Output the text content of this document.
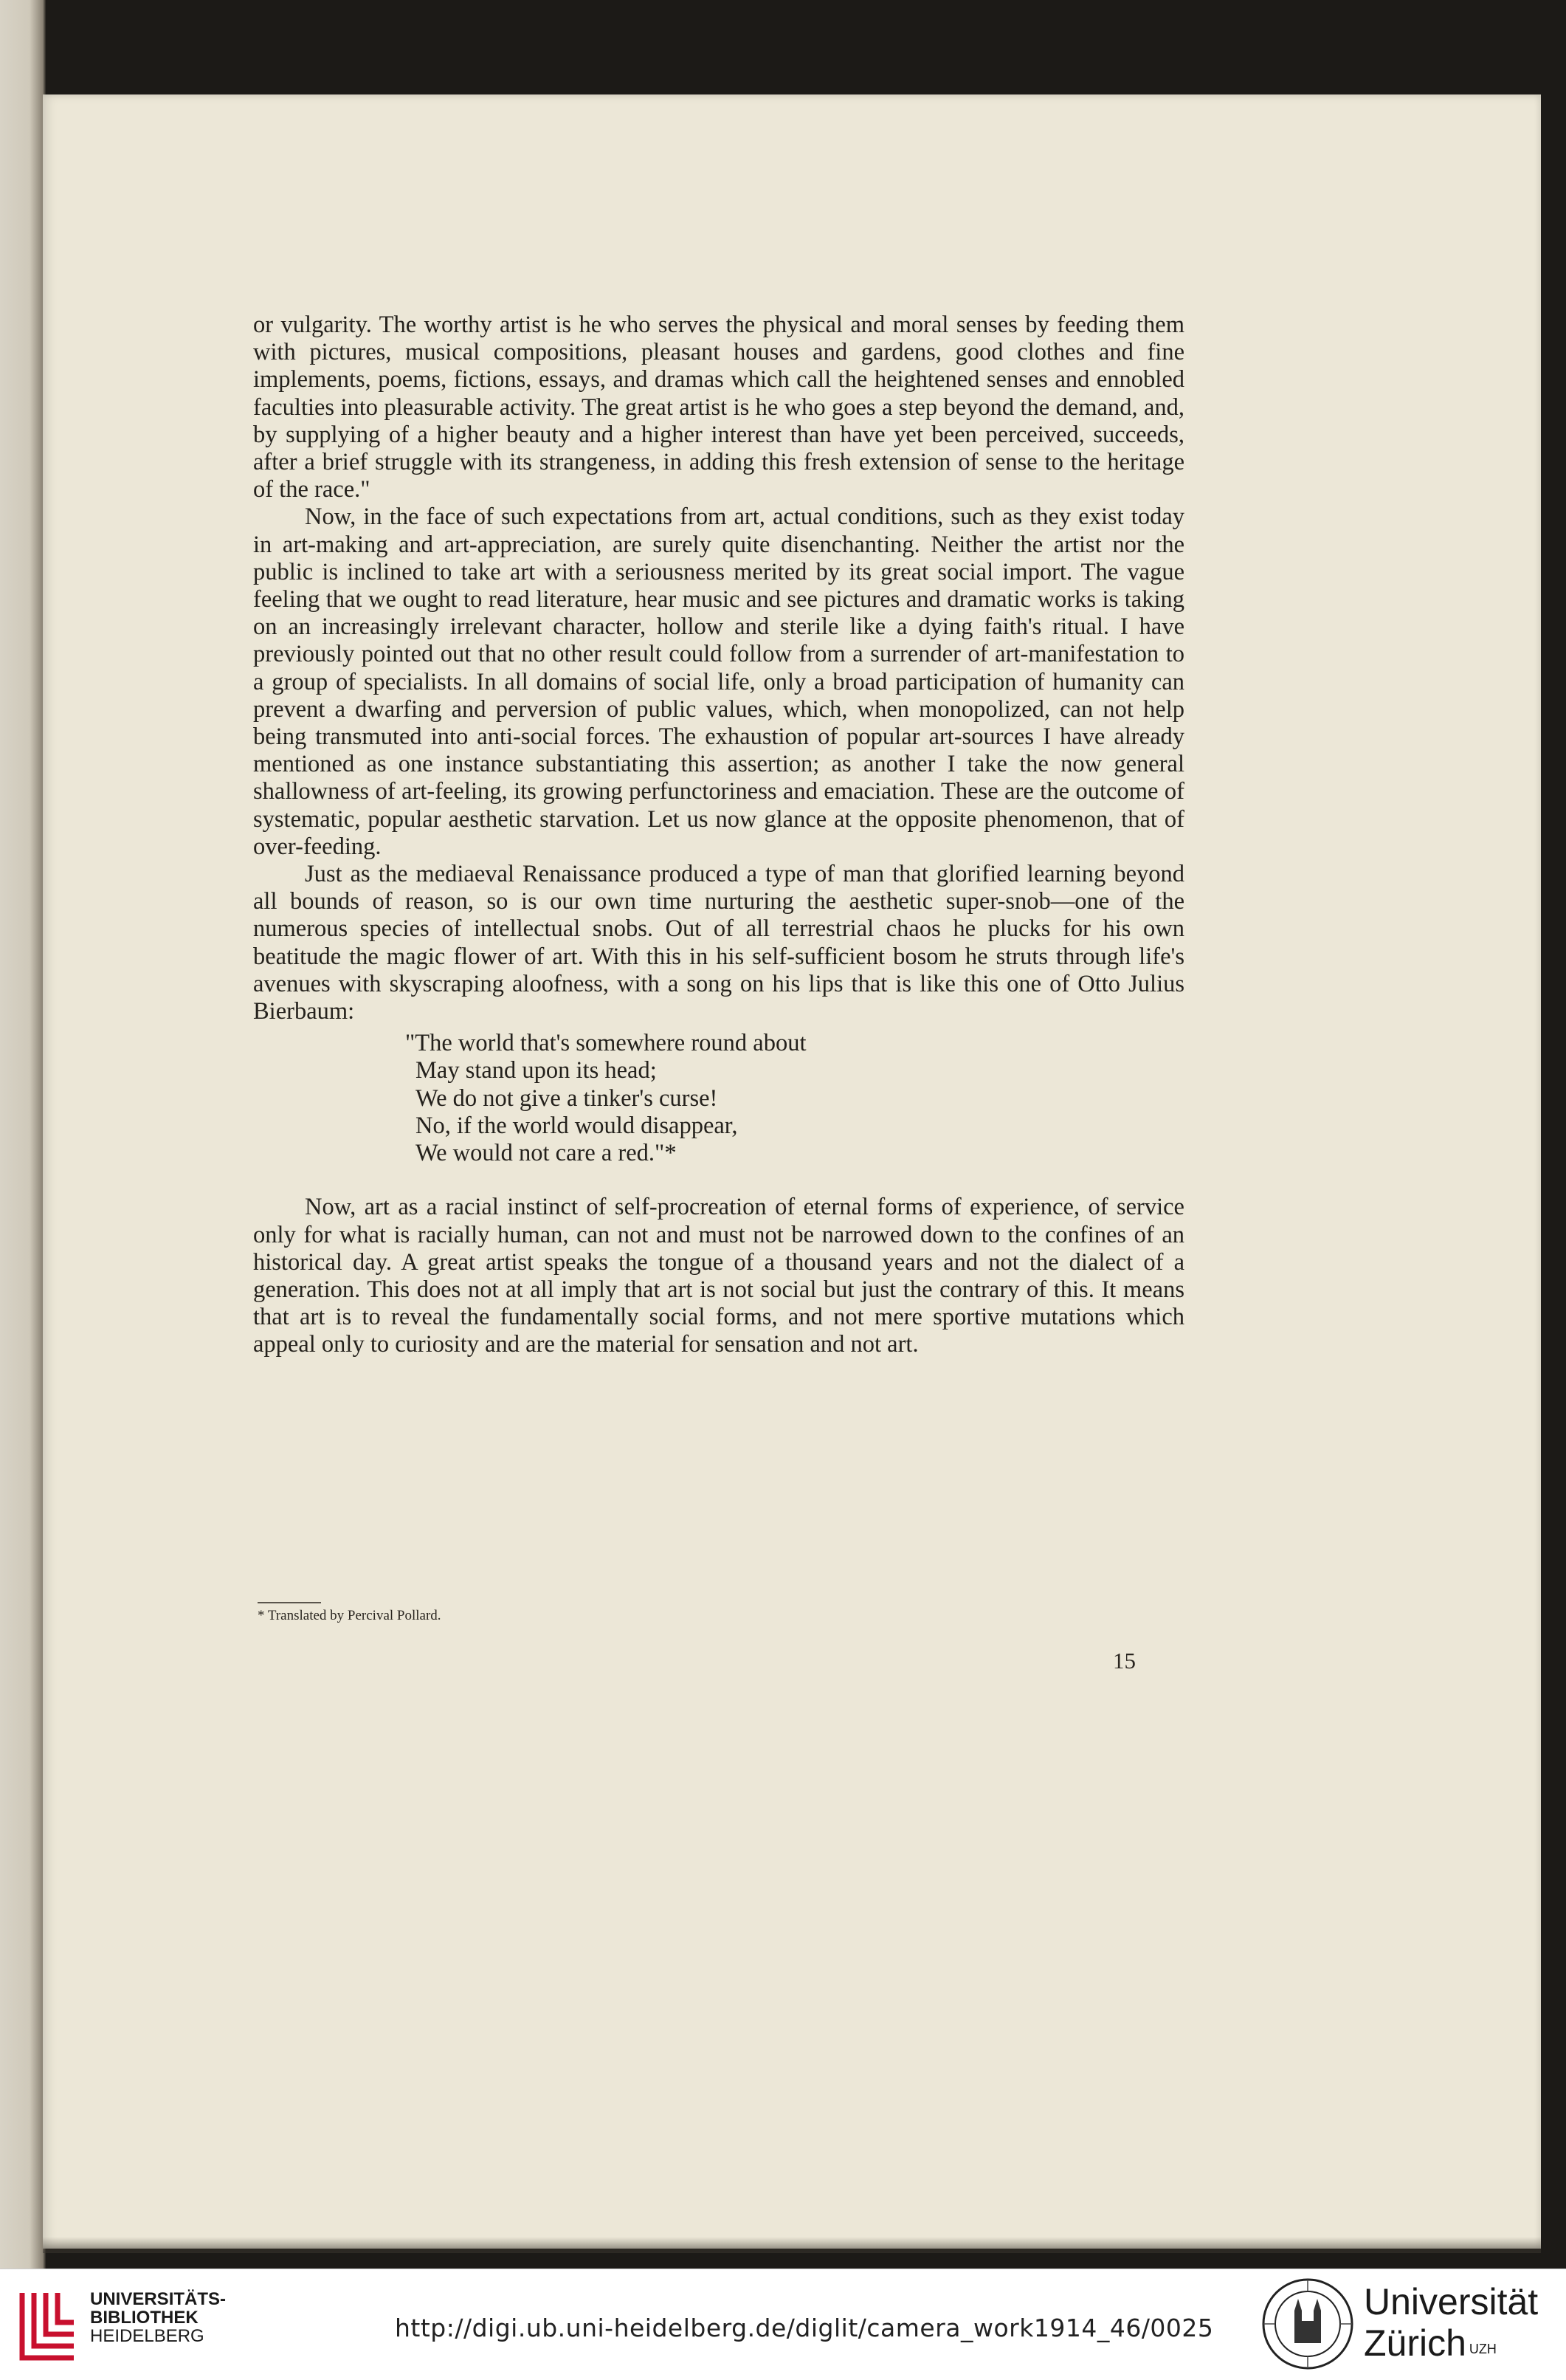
or vulgarity. The worthy artist is he who serves the physical and moral senses by feeding them with pictures, musical compositions, pleasant houses and gardens, good clothes and fine implements, poems, fictions, essays, and dramas which call the heightened senses and ennobled faculties into pleasurable activity. The great artist is he who goes a step beyond the demand, and, by supplying of a higher beauty and a higher interest than have yet been perceived, succeeds, after a brief struggle with its strangeness, in adding this fresh extension of sense to the heritage of the race."

Now, in the face of such expectations from art, actual conditions, such as they exist today in art-making and art-appreciation, are surely quite disenchanting. Neither the artist nor the public is inclined to take art with a seriousness merited by its great social import. The vague feeling that we ought to read literature, hear music and see pictures and dramatic works is taking on an increasingly irrelevant character, hollow and sterile like a dying faith's ritual. I have previously pointed out that no other result could follow from a surrender of art-manifestation to a group of specialists. In all domains of social life, only a broad participation of humanity can prevent a dwarfing and perversion of public values, which, when monopolized, can not help being transmuted into anti-social forces. The exhaustion of popular art-sources I have already mentioned as one instance substantiating this assertion; as another I take the now general shallowness of art-feeling, its growing perfunctoriness and emaciation. These are the outcome of systematic, popular aesthetic starvation. Let us now glance at the opposite phenomenon, that of over-feeding.

Just as the mediaeval Renaissance produced a type of man that glorified learning beyond all bounds of reason, so is our own time nurturing the aesthetic super-snob—one of the numerous species of intellectual snobs. Out of all terrestrial chaos he plucks for his own beatitude the magic flower of art. With this in his self-sufficient bosom he struts through life's avenues with skyscraping aloofness, with a song on his lips that is like this one of Otto Julius Bierbaum:

"The world that's somewhere round about
May stand upon its head;
We do not give a tinker's curse!
No, if the world would disappear,
We would not care a red."*

Now, art as a racial instinct of self-procreation of eternal forms of experience, of service only for what is racially human, can not and must not be narrowed down to the confines of an historical day. A great artist speaks the tongue of a thousand years and not the dialect of a generation. This does not at all imply that art is not social but just the contrary of this. It means that art is to reveal the fundamentally social forms, and not mere sportive mutations which appeal only to curiosity and are the material for sensation and not art.

* Translated by Percival Pollard.
15
UNIVERSITÄTS-
BIBLIOTHEK
HEIDELBERG	http://digi.ub.uni-heidelberg.de/diglit/camera_work1914_46/0025
Universität
Zürich $^{UZH}$
